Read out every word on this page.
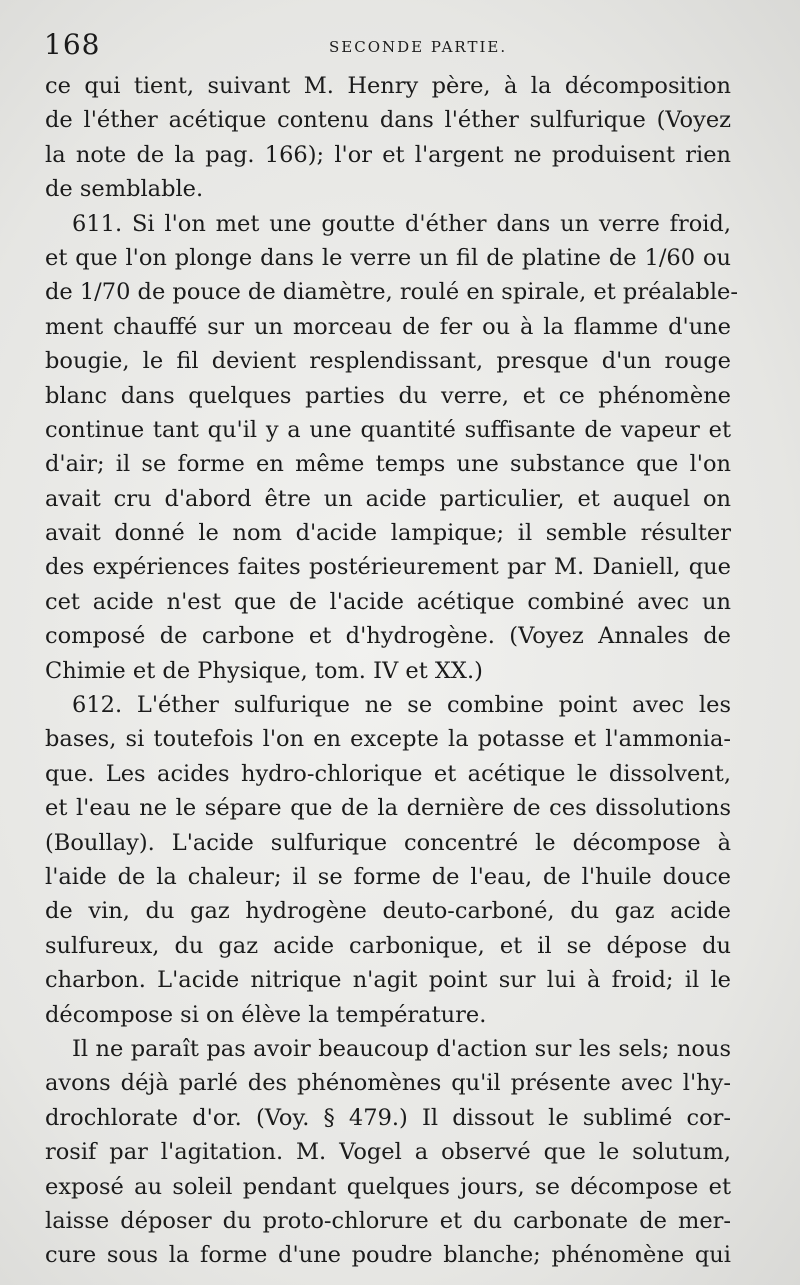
168	SECONDE PARTIE.
ce qui tient, suivant M. Henry père, à la décomposition
de l'éther acétique contenu dans l'éther sulfurique (Voyez
la note de la pag. 166); l'or et l'argent ne produisent rien
de semblable.
611. Si l'on met une goutte d'éther dans un verre froid,
et que l'on plonge dans le verre un fil de platine de 1/60 ou
de 1/70 de pouce de diamètre, roulé en spirale, et préalable-
ment chauffé sur un morceau de fer ou à la flamme d'une
bougie, le fil devient resplendissant, presque d'un rouge
blanc dans quelques parties du verre, et ce phénomène
continue tant qu'il y a une quantité suffisante de vapeur et
d'air; il se forme en même temps une substance que l'on
avait cru d'abord être un acide particulier, et auquel on
avait donné le nom d'acide lampique; il semble résulter
des expériences faites postérieurement par M. Daniell, que
cet acide n'est que de l'acide acétique combiné avec un
composé de carbone et d'hydrogène. (Voyez Annales de
Chimie et de Physique, tom. IV et XX.)
612. L'éther sulfurique ne se combine point avec les
bases, si toutefois l'on en excepte la potasse et l'ammonia-
que. Les acides hydro-chlorique et acétique le dissolvent,
et l'eau ne le sépare que de la dernière de ces dissolutions
(Boullay). L'acide sulfurique concentré le décompose à
l'aide de la chaleur; il se forme de l'eau, de l'huile douce
de vin, du gaz hydrogène deuto-carboné, du gaz acide
sulfureux, du gaz acide carbonique, et il se dépose du
charbon. L'acide nitrique n'agit point sur lui à froid; il le
décompose si on élève la température.
Il ne paraît pas avoir beaucoup d'action sur les sels; nous
avons déjà parlé des phénomènes qu'il présente avec l'hy-
drochlorate d'or. (Voy. § 479.) Il dissout le sublimé cor-
rosif par l'agitation. M. Vogel a observé que le solutum,
exposé au soleil pendant quelques jours, se décompose et
laisse déposer du proto-chlorure et du carbonate de mer-
cure sous la forme d'une poudre blanche; phénomène qui
